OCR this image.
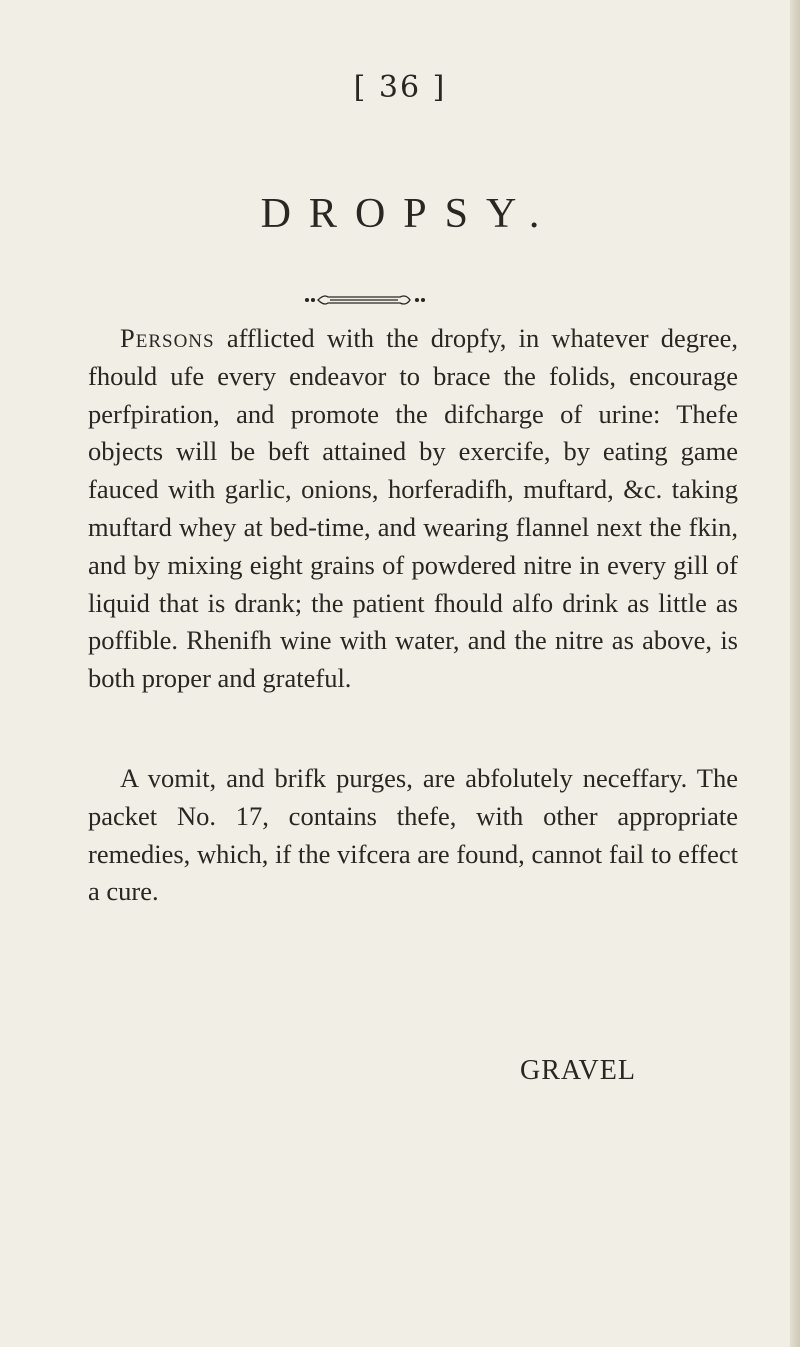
[ 36 ]
DROPSY.
Persons afflicted with the dropfy, in whatever degree, fhould ufe every endeavor to brace the folids, encourage perfpiration, and promote the difcharge of urine: Thefe objects will be beft attained by exercife, by eating game fauced with garlic, onions, horferadifh, muftard, &c. taking muftard whey at bed-time, and wearing flannel next the fkin, and by mixing eight grains of powdered nitre in every gill of liquid that is drank; the patient fhould alfo drink as little as poffible. Rhenifh wine with water, and the nitre as above, is both proper and grateful.
A vomit, and brifk purges, are abfolutely neceffary. The packet No. 17, contains thefe, with other appropriate remedies, which, if the vifcera are found, cannot fail to effect a cure.
GRAVEL
